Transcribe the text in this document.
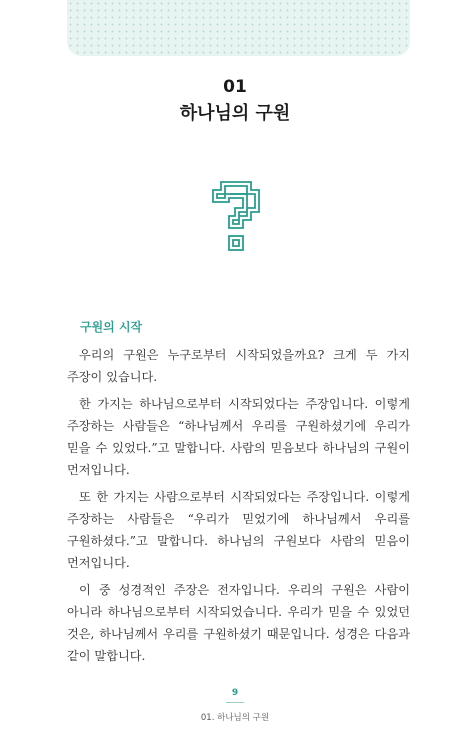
01
하나님의 구원
구원의 시작

우리의 구원은 누구로부터 시작되었을까요? 크게 두 가지 주장이 있습니다.

한 가지는 하나님으로부터 시작되었다는 주장입니다. 이렇게 주장하는 사람들은 “하나님께서 우리를 구원하셨기에 우리가 믿을 수 있었다.”고 말합니다. 사람의 믿음보다 하나님의 구원이 먼저입니다.

또 한 가지는 사람으로부터 시작되었다는 주장입니다. 이렇게 주장하는 사람들은 “우리가 믿었기에 하나님께서 우리를 구원하셨다.”고 말합니다. 하나님의 구원보다 사람의 믿음이 먼저입니다.

이 중 성경적인 주장은 전자입니다. 우리의 구원은 사람이 아니라 하나님으로부터 시작되었습니다. 우리가 믿을 수 있었던 것은, 하나님께서 우리를 구원하셨기 때문입니다. 성경은 다음과 같이 말합니다.

9
01. 하나님의 구원
